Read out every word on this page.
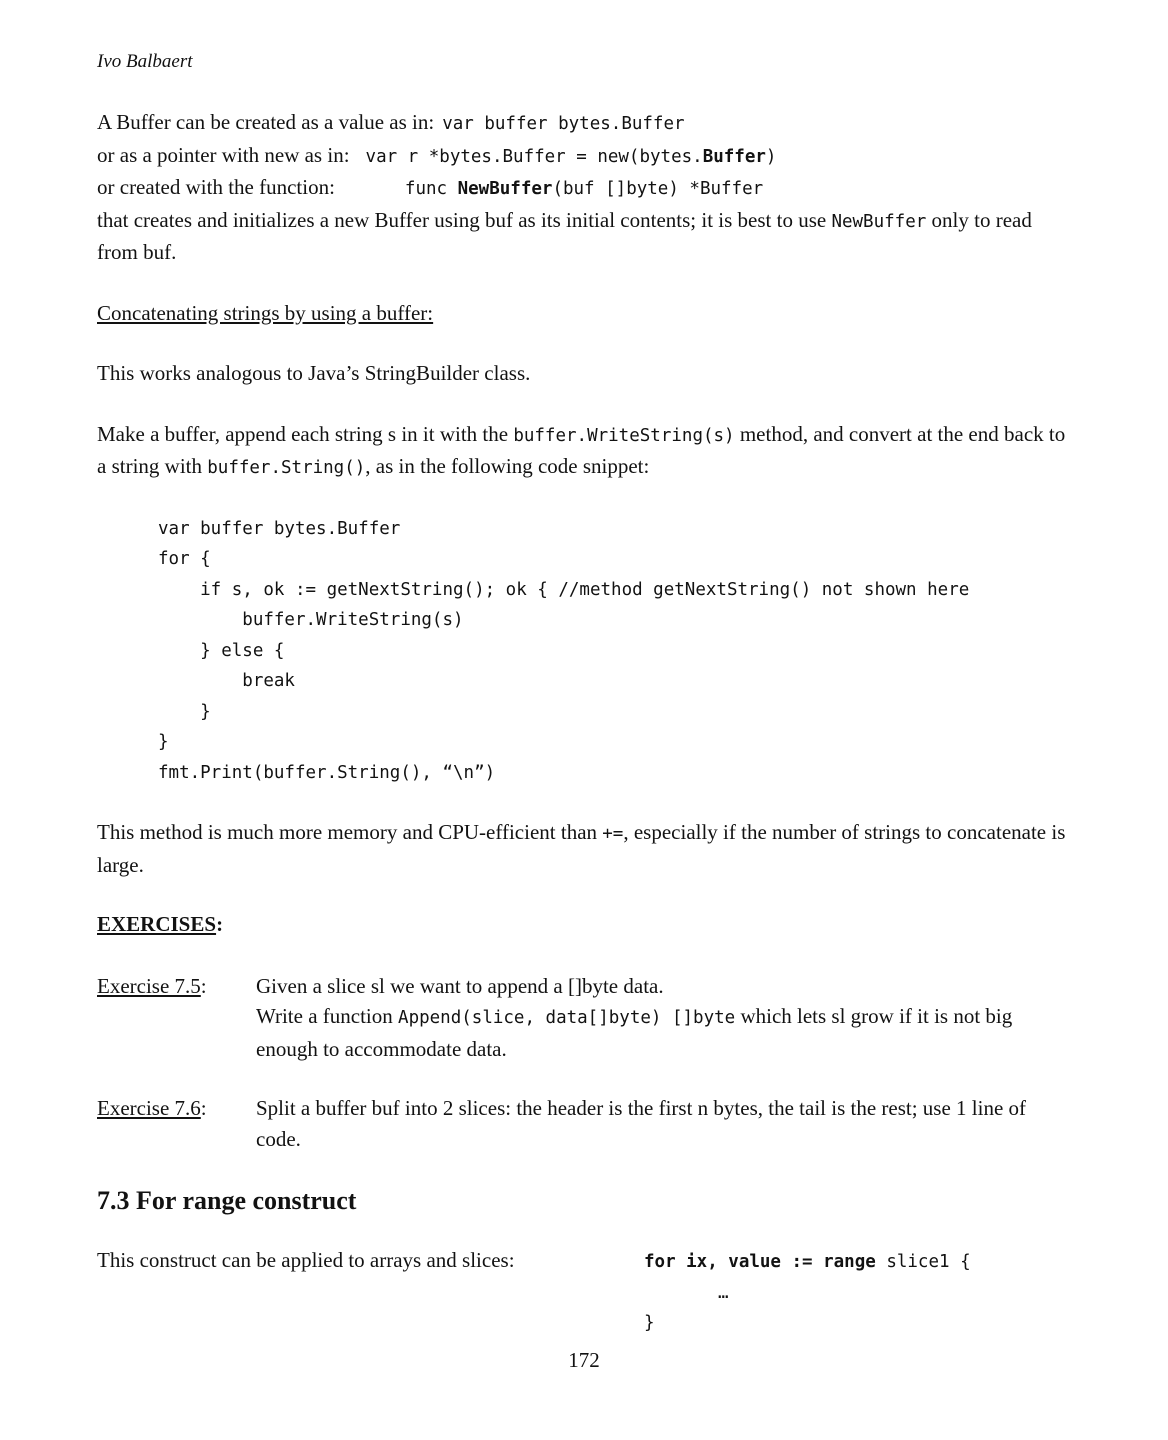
Ivo Balbaert
A Buffer can be created as a value as in: var buffer bytes.Buffer
or as a pointer with new as in: var r *bytes.Buffer = new(bytes.Buffer)
or created with the function:	func NewBuffer(buf []byte) *Buffer
that creates and initializes a new Buffer using buf as its initial contents; it is best to use NewBuffer only to read from buf.
Concatenating strings by using a buffer:
This works analogous to Java’s StringBuilder class.
Make a buffer, append each string s in it with the buffer.WriteString(s) method, and convert at the end back to a string with buffer.String(), as in the following code snippet:
var buffer bytes.Buffer
for {
if s, ok := getNextString(); ok { //method getNextString() not shown here
buffer.WriteString(s)
} else {
break
}
}
fmt.Print(buffer.String(), “\n”)
This method is much more memory and CPU-efficient than +=, especially if the number of strings to concatenate is large.
EXERCISES:
Exercise 7.5:	Given a slice sl we want to append a []byte data.
Write a function Append(slice, data[]byte) []byte which lets sl grow if it is not big enough to accommodate data.
Exercise 7.6:	Split a buffer buf into 2 slices: the header is the first n bytes, the tail is the rest; use 1 line of code.
7.3 For range construct
This construct can be applied to arrays and slices:	for ix, value := range slice1 {
…
}
172
